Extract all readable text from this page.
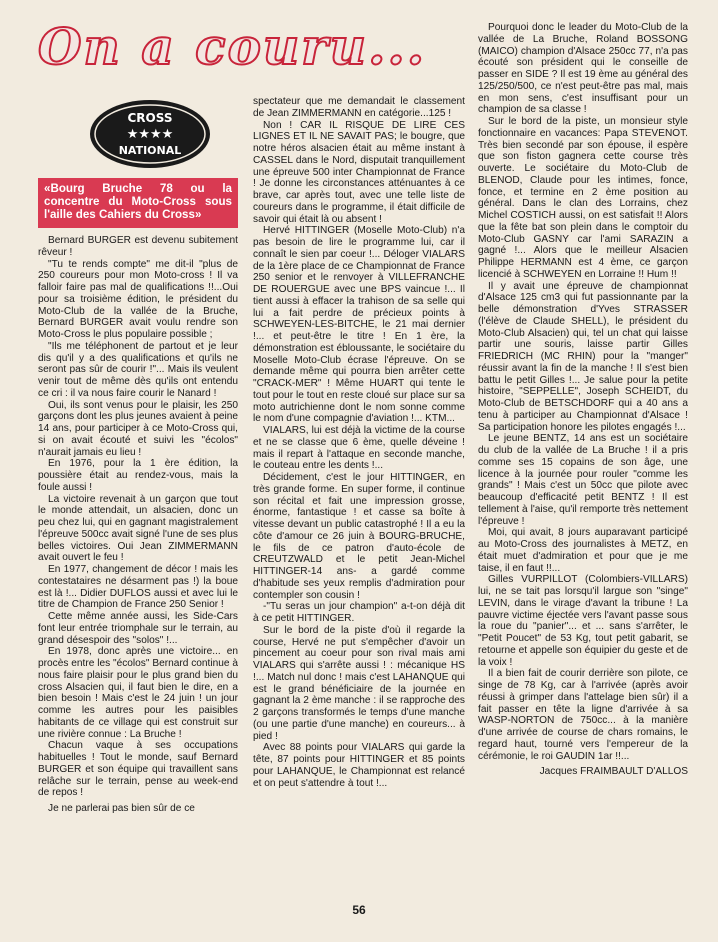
On a couru...
CROSS
★★★★
NATIONAL
«Bourg Bruche 78 ou la concentre du Moto-Cross sous l'aille des Cahiers du Cross»

Bernard BURGER est devenu subitement rêveur !

"Tu te rends compte" me dit-il "plus de 250 coureurs pour mon Moto-cross ! Il va falloir faire pas mal de qualifications !!...Oui pour sa troisième édition, le président du Moto-Club de la vallée de la Bruche, Bernard BURGER avait voulu rendre son Moto-Cross le plus populaire possible ;

"Ils me téléphonent de partout et je leur dis qu'il y a des qualifications et qu'ils ne seront pas sûr de courir !"... Mais ils veulent venir tout de même dès qu'ils ont entendu ce cri : il va nous faire courir le Nanard !

Oui, ils sont venus pour le plaisir, les 250 garçons dont les plus jeunes avaient à peine 14 ans, pour participer à ce Moto-Cross qui, si on avait écouté et suivi les "écolos" n'aurait jamais eu lieu !

En 1976, pour la 1 ère édition, la poussière était au rendez-vous, mais la foule aussi !

La victoire revenait à un garçon que tout le monde attendait, un alsacien, donc un peu chez lui, qui en gagnant magistralement l'épreuve 500cc avait signé l'une de ses plus belles victoires. Oui Jean ZIMMERMANN avait ouvert le feu !

En 1977, changement de décor ! mais les contestataires ne désarment pas !) la boue est là !... Didier DUFLOS aussi et avec lui le titre de Champion de France 250 Senior !

Cette même année aussi, les Side-Cars font leur entrée triomphale sur le terrain, au grand désespoir des "solos" !...

En 1978, donc après une victoire... en procès entre les "écolos" Bernard continue à nous faire plaisir pour le plus grand bien du cross Alsacien qui, il faut bien le dire, en a bien besoin ! Mais c'est le 24 juin ! un jour comme les autres pour les paisibles habitants de ce village qui est construit sur une rivière connue : La Bruche !

Chacun vaque à ses occupations habituelles ! Tout le monde, sauf Bernard BURGER et son équipe qui travaillent sans relâche sur le terrain, pense au week-end de repos !

Je ne parlerai pas bien sûr de ce

spectateur que me demandait le classement de Jean ZIMMERMANN en catégorie...125 !

Non ! CAR IL RISQUE DE LIRE CES LIGNES ET IL NE SAVAIT PAS; le bougre, que notre héros alsacien était au même instant à CASSEL dans le Nord, disputait tranquillement une épreuve 500 inter Championnat de France ! Je donne les circonstances atténuantes à ce brave, car après tout, avec une telle liste de coureurs dans le programme, il était difficile de savoir qui était là ou absent !

Hervé HITTINGER (Moselle Moto-Club) n'a pas besoin de lire le programme lui, car il connaît le sien par coeur !... Déloger VIALARS de la 1ère place de ce Championnat de France 250 senior et le renvoyer à VILLEFRANCHE DE ROUERGUE avec une BPS vaincue !... Il tient aussi à effacer la trahison de sa selle qui lui a fait perdre de précieux points à SCHWEYEN-LES-BITCHE, le 21 mai dernier !... et peut-être le titre ! En 1 ère, la démonstration est ébloussante, le sociétaire du Moselle Moto-Club écrase l'épreuve. On se demande même qui pourra bien arrêter cette "CRACK-MER" ! Même HUART qui tente le tout pour le tout en reste cloué sur place sur sa moto autrichienne dont le nom sonne comme le nom d'une compagnie d'aviation !... KTM...

VIALARS, lui est déjà la victime de la course et ne se classe que 6 ème, quelle déveine ! mais il repart à l'attaque en seconde manche, le couteau entre les dents !...

Décidement, c'est le jour HITTINGER, en très grande forme. En super forme, il continue son récital et fait une impression grosse, énorme, fantastique ! et casse sa boîte à vitesse devant un public catastrophé ! Il a eu la côte d'amour ce 26 juin à BOURG-BRUCHE, le fils de ce patron d'auto-école de CREUTZWALD et le petit Jean-Michel HITTINGER-14 ans- a gardé comme d'habitude ses yeux remplis d'admiration pour contempler son cousin !

-"Tu seras un jour champion" a-t-on déjà dit à ce petit HITTINGER.

Sur le bord de la piste d'où il regarde la course, Hervé ne put s'empêcher d'avoir un pincement au coeur pour son rival mais ami VIALARS qui s'arrête aussi ! : mécanique HS !... Match nul donc ! mais c'est LAHANQUE qui est le grand bénéficiaire de la journée en gagnant la 2 ème manche : il se rapproche des 2 garçons transformés le temps d'une manche (ou une partie d'une manche) en coureurs... à pied !

Avec 88 points pour VIALARS qui garde la tête, 87 points pour HITTINGER et 85 points pour LAHANQUE, le Championnat est relancé et on peut s'attendre à tout !...

Pourquoi donc le leader du Moto-Club de la vallée de La Bruche, Roland BOSSONG (MAICO) champion d'Alsace 250cc 77, n'a pas écouté son président qui le conseille de passer en SIDE ? Il est 19 ème au général des 125/250/500, ce n'est peut-être pas mal, mais en mon sens, c'est insuffisant pour un champion de sa classe !

Sur le bord de la piste, un monsieur style fonctionnaire en vacances: Papa STEVENOT. Très bien secondé par son épouse, il espère que son fiston gagnera cette course très ouverte. Le sociétaire du Moto-Club de BLENOD, Claude pour les intimes, fonce, fonce, et termine en 2 ème position au général. Dans le clan des Lorrains, chez Michel COSTICH aussi, on est satisfait !! Alors que la fête bat son plein dans le comptoir du Moto-Club GASNY car l'ami SARAZIN a gagné !... Alors que le meilleur Alsacien Philippe HERMANN est 4 ème, ce garçon licencié à SCHWEYEN en Lorraine !! Hum !!

Il y avait une épreuve de championnat d'Alsace 125 cm3 qui fut passionnante par la belle démonstration d'Yves STRASSER (l'élève de Claude SHELL), le président du Moto-Club Alsacien) qui, tel un chat qui laisse partir une souris, laisse partir Gilles FRIEDRICH (MC RHIN) pour la "manger" réussir avant la fin de la manche ! Il s'est bien battu le petit Gilles !... Je salue pour la petite histoire, "SEPPELLE", Joseph SCHEIDT, du Moto-Club de BETSCHDORF qui a 40 ans a tenu à participer au Championnat d'Alsace ! Sa participation honore les pilotes engagés !...

Le jeune BENTZ, 14 ans est un sociétaire du club de la vallée de La Bruche ! il a pris comme ses 15 copains de son âge, une licence à la journée pour rouler "comme les grands" ! Mais c'est un 50cc que pilote avec beaucoup d'efficacité petit BENTZ ! Il est tellement à l'aise, qu'il remporte très nettement l'épreuve !

Moi, qui avait, 8 jours auparavant participé au Moto-Cross des journalistes à METZ, en était muet d'admiration et pour que je me taise, il en faut !!...

Gilles VURPILLOT (Colombiers-VILLARS) lui, ne se tait pas lorsqu'il largue son "singe" LEVIN, dans le virage d'avant la tribune ! La pauvre victime éjectée vers l'avant passe sous la roue du "panier"... et ... sans s'arrêter, le "Petit Poucet" de 53 Kg, tout petit gabarit, se retourne et appelle son équipier du geste et de la voix !

Il a bien fait de courir derrière son pilote, ce singe de 78 Kg, car à l'arrivée (après avoir réussi à grimper dans l'attelage bien sûr) il a fait passer en tête la ligne d'arrivée à sa WASP-NORTON de 750cc... à la manière d'une arrivée de course de chars romains, le regard haut, tourné vers l'empereur de la cérémonie, le roi GAUDIN 1ar !!...

Jacques FRAIMBAULT D'ALLOS

56
